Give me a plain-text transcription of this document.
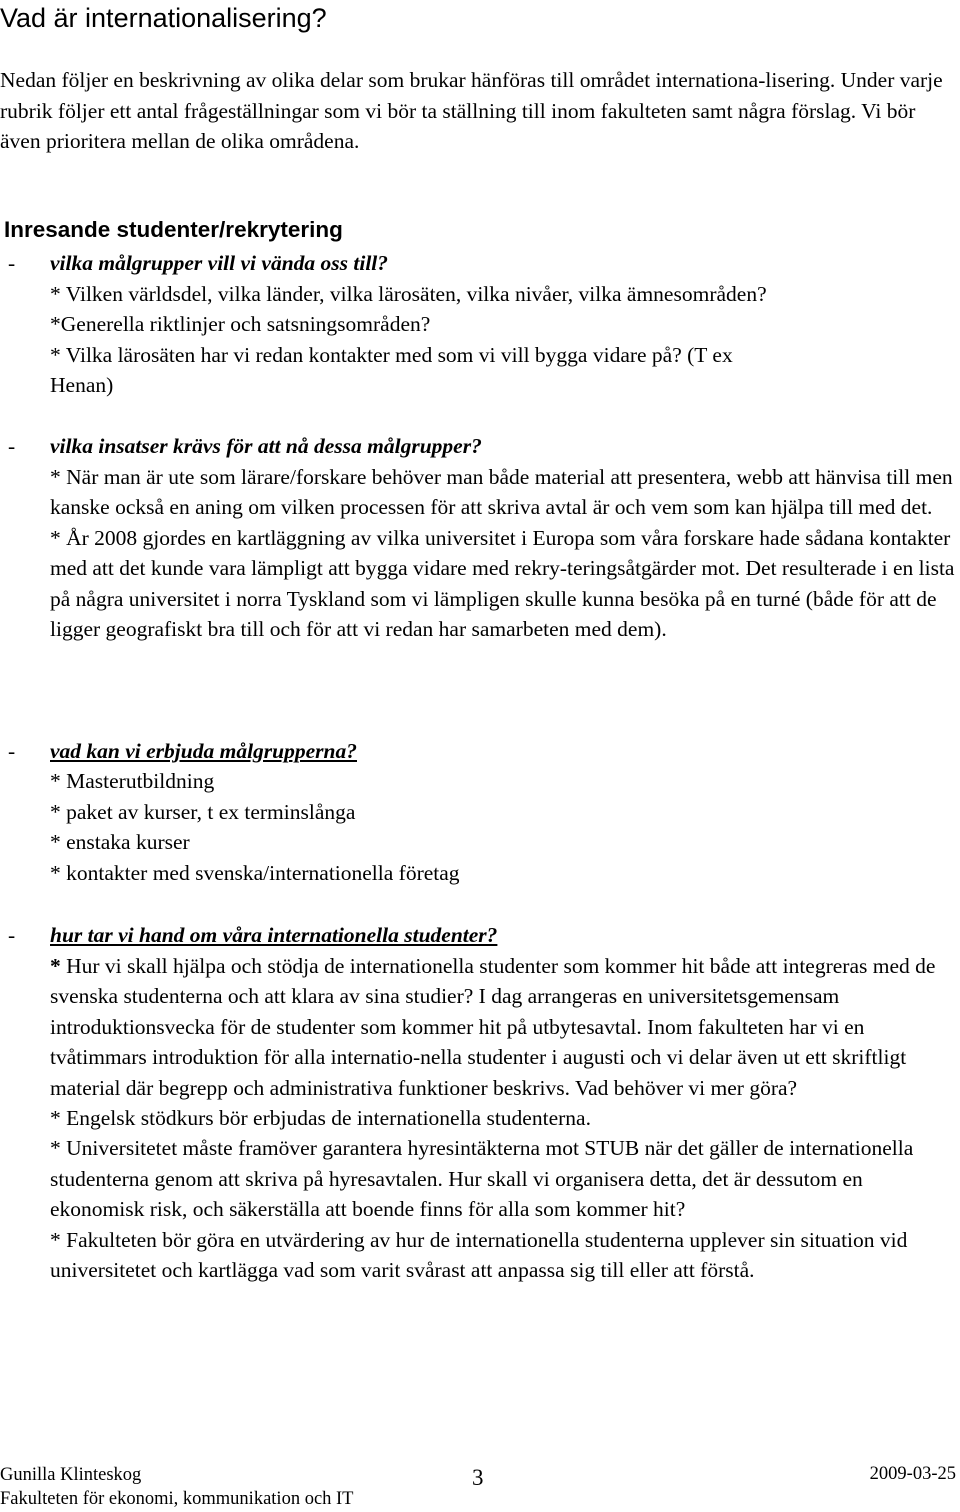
Vad är internationalisering?
Nedan följer en beskrivning av olika delar som brukar hänföras till området internationa-lisering. Under varje rubrik följer ett antal frågeställningar som vi bör ta ställning till inom fakulteten samt några förslag. Vi bör även prioritera mellan de olika områdena.
Inresande studenter/rekrytering
- vilka målgrupper vill vi vända oss till?
* Vilken världsdel, vilka länder, vilka lärosäten, vilka nivåer, vilka ämnesområden?
*Generella riktlinjer och satsningsområden?
* Vilka lärosäten har vi redan kontakter med som vi vill bygga vidare på? (T ex
Henan)
- vilka insatser krävs för att nå dessa målgrupper?

* När man är ute som lärare/forskare behöver man både material att presentera, webb att hänvisa till men kanske också en aning om vilken processen för att skriva avtal är och vem som kan hjälpa till med det.

* År 2008 gjordes en kartläggning av vilka universitet i Europa som våra forskare hade sådana kontakter med att det kunde vara lämpligt att bygga vidare med rekry-teringsåtgärder mot. Det resulterade i en lista på några universitet i norra Tyskland som vi lämpligen skulle kunna besöka på en turné (både för att de ligger geografiskt bra till och för att vi redan har samarbeten med dem).

- vad kan vi erbjuda målgrupperna?
* Masterutbildning
* paket av kurser, t ex terminslånga
* enstaka kurser
* kontakter med svenska/internationella företag
- hur tar vi hand om våra internationella studenter?

* Hur vi skall hjälpa och stödja de internationella studenter som kommer hit både att integreras med de svenska studenterna och att klara av sina studier? I dag arrangeras en universitetsgemensam introduktionsvecka för de studenter som kommer hit på utbytesavtal. Inom fakulteten har vi en tvåtimmars introduktion för alla internatio-nella studenter i augusti och vi delar även ut ett skriftligt material där begrepp och administrativa funktioner beskrivs. Vad behöver vi mer göra?

* Engelsk stödkurs bör erbjudas de internationella studenterna.

* Universitetet måste framöver garantera hyresintäkterna mot STUB när det gäller de internationella studenterna genom att skriva på hyresavtalen. Hur skall vi organisera detta, det är dessutom en ekonomisk risk, och säkerställa att boende finns för alla som kommer hit?

* Fakulteten bör göra en utvärdering av hur de internationella studenterna upplever sin situation vid universitetet och kartlägga vad som varit svårast att anpassa sig till eller att förstå.

Gunilla Klinteskog
Fakulteten för ekonomi, kommunikation och IT
3	2009-03-25
